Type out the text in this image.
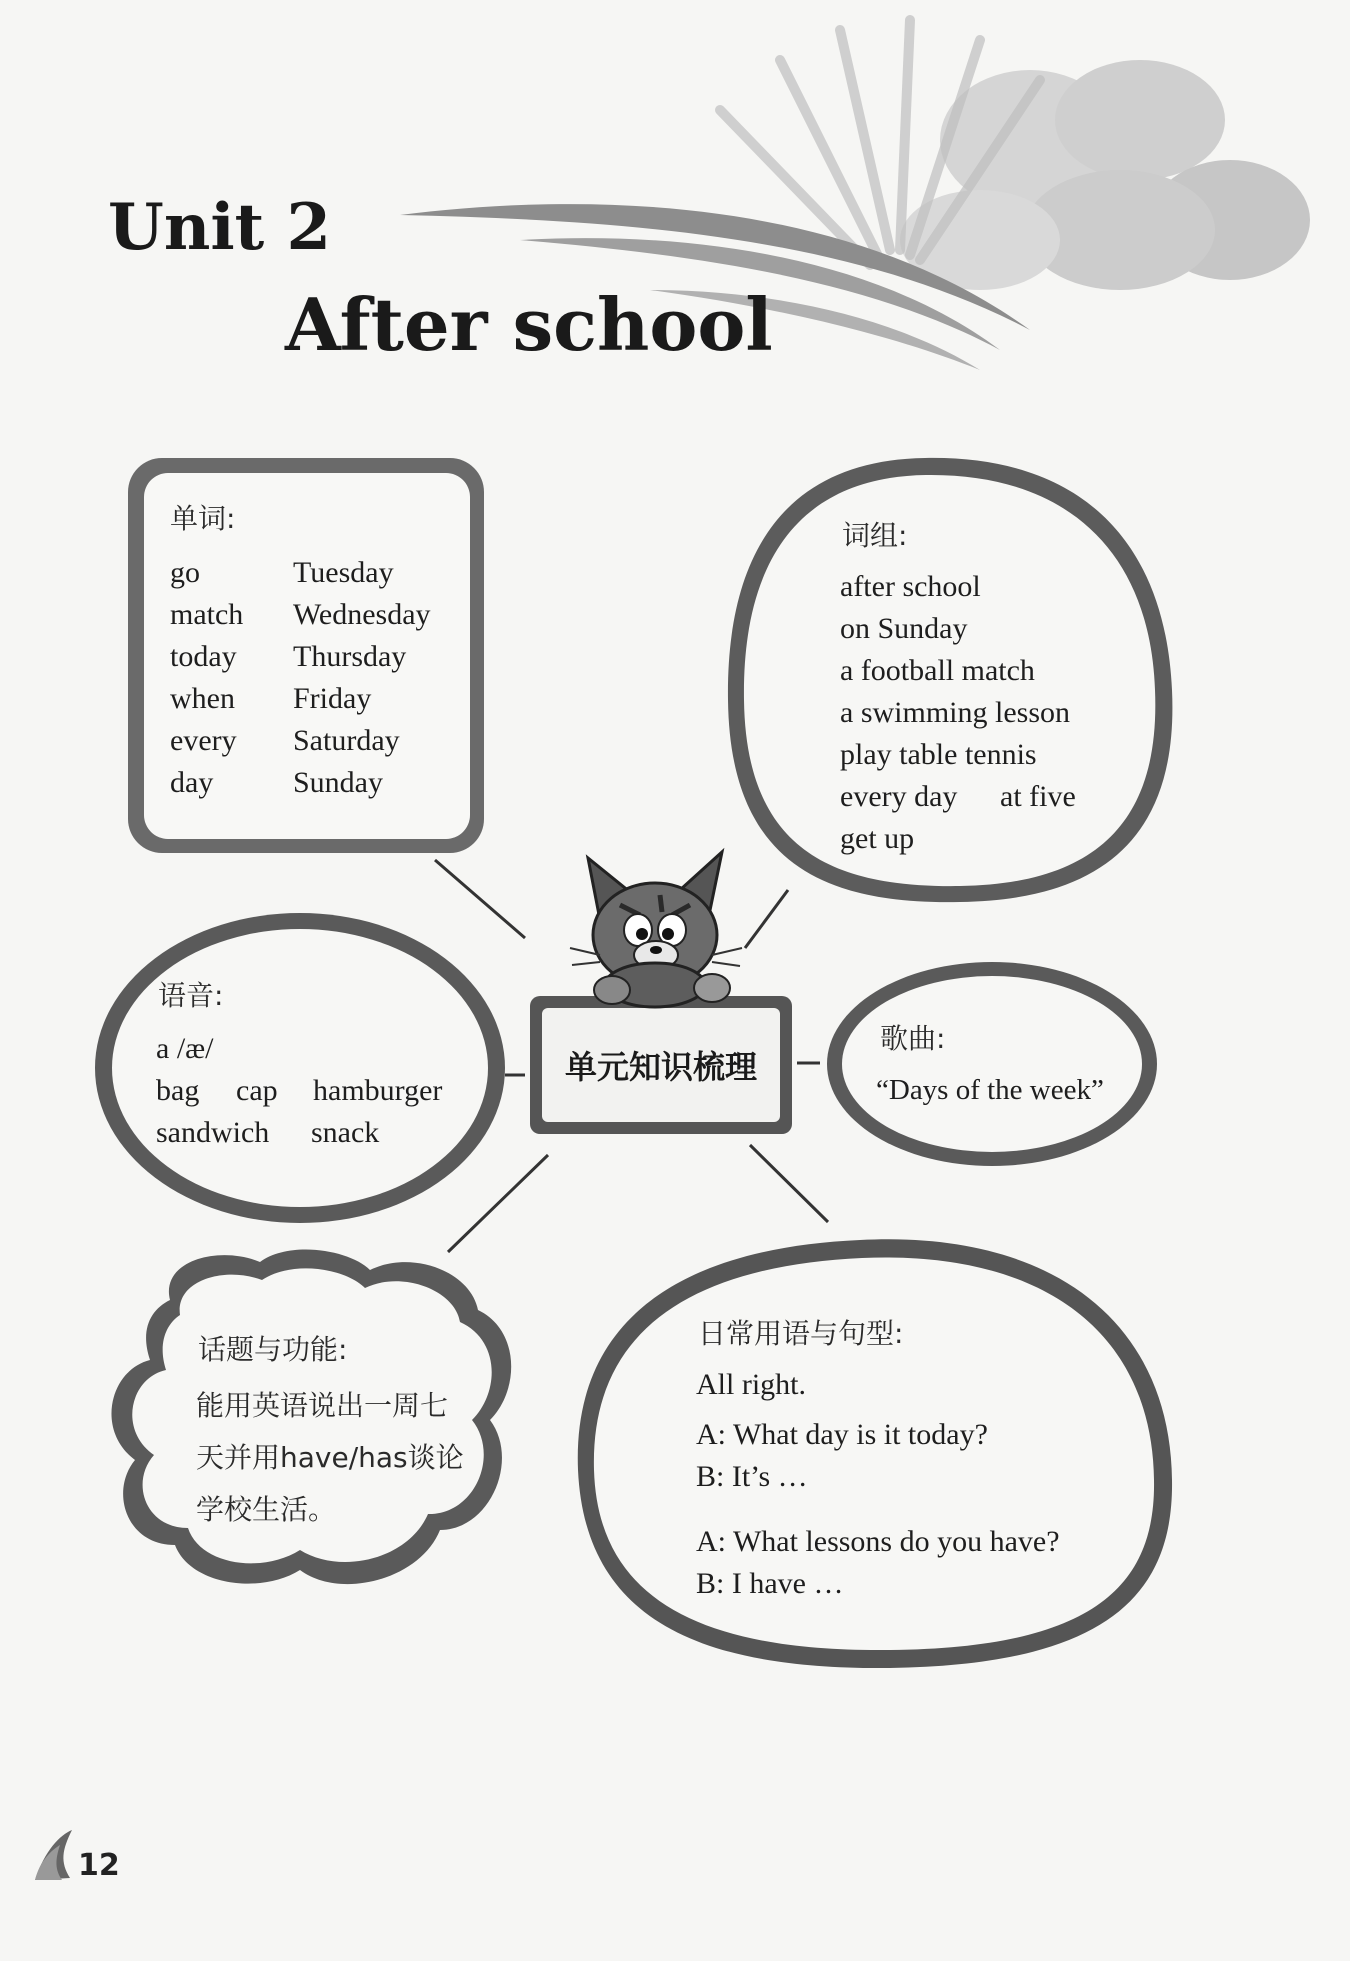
Unit 2
After school
单词:
go
match
today
when
every
day
Tuesday
Wednesday
Thursday
Friday
Saturday
Sunday
词组:
after school
on Sunday
a football match
a swimming lesson
play table tennis
every day at five
get up
语音:
a /æ/
bag cap hamburger
sandwich snack
单元知识梳理
歌曲:
“Days of the week”
话题与功能:
能用英语说出一周七
天并用have/has谈论
学校生活。
日常用语与句型:
All right.
A: What day is it today?
B: It’s …
A: What lessons do you have?
B: I have …
12
